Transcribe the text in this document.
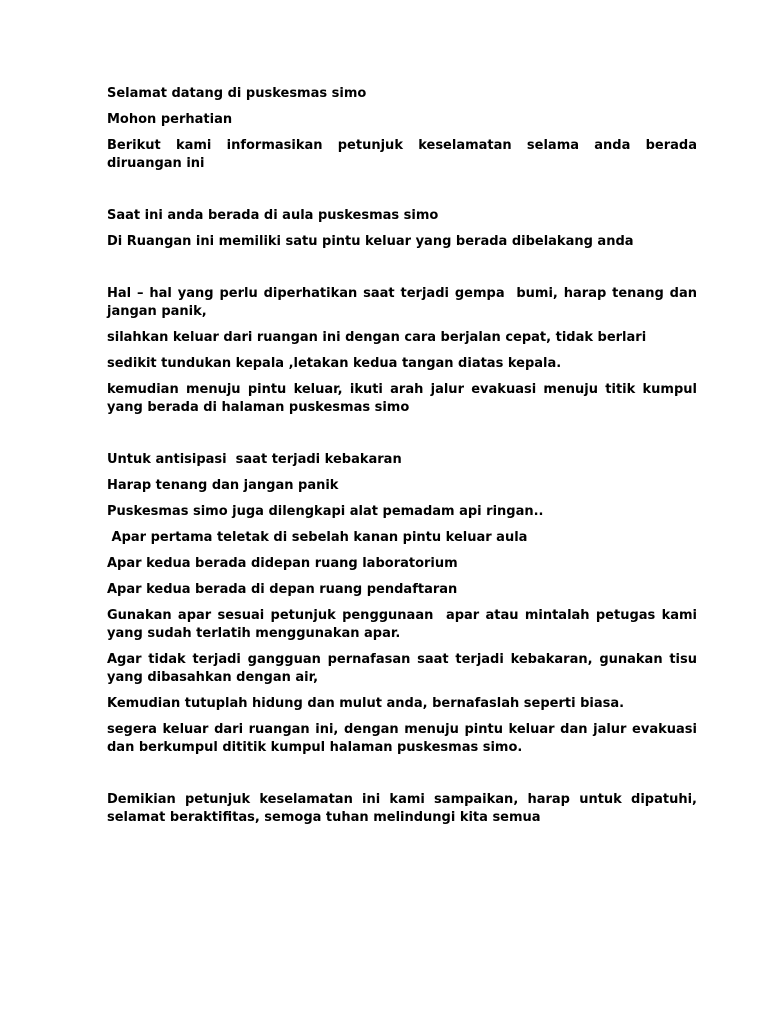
Selamat datang di puskesmas simo

Mohon perhatian

Berikut kami informasikan petunjuk keselamatan selama anda berada diruangan ini

Saat ini anda berada di aula puskesmas simo

Di Ruangan ini memiliki satu pintu keluar yang berada dibelakang anda

Hal – hal yang perlu diperhatikan saat terjadi gempa  bumi, harap tenang dan jangan panik,

silahkan keluar dari ruangan ini dengan cara berjalan cepat, tidak berlari

sedikit tundukan kepala ,letakan kedua tangan diatas kepala.

kemudian menuju pintu keluar, ikuti arah jalur evakuasi menuju titik kumpul yang berada di halaman puskesmas simo

Untuk antisipasi  saat terjadi kebakaran

Harap tenang dan jangan panik

Puskesmas simo juga dilengkapi alat pemadam api ringan..

Apar pertama teletak di sebelah kanan pintu keluar aula

Apar kedua berada didepan ruang laboratorium

Apar kedua berada di depan ruang pendaftaran

Gunakan apar sesuai petunjuk penggunaan  apar atau mintalah petugas kami yang sudah terlatih menggunakan apar.

Agar tidak terjadi gangguan pernafasan saat terjadi kebakaran, gunakan tisu yang dibasahkan dengan air,

Kemudian tutuplah hidung dan mulut anda, bernafaslah seperti biasa.

segera keluar dari ruangan ini, dengan menuju pintu keluar dan jalur evakuasi dan berkumpul dititik kumpul halaman puskesmas simo.

Demikian petunjuk keselamatan ini kami sampaikan, harap untuk dipatuhi, selamat beraktifitas, semoga tuhan melindungi kita semua
